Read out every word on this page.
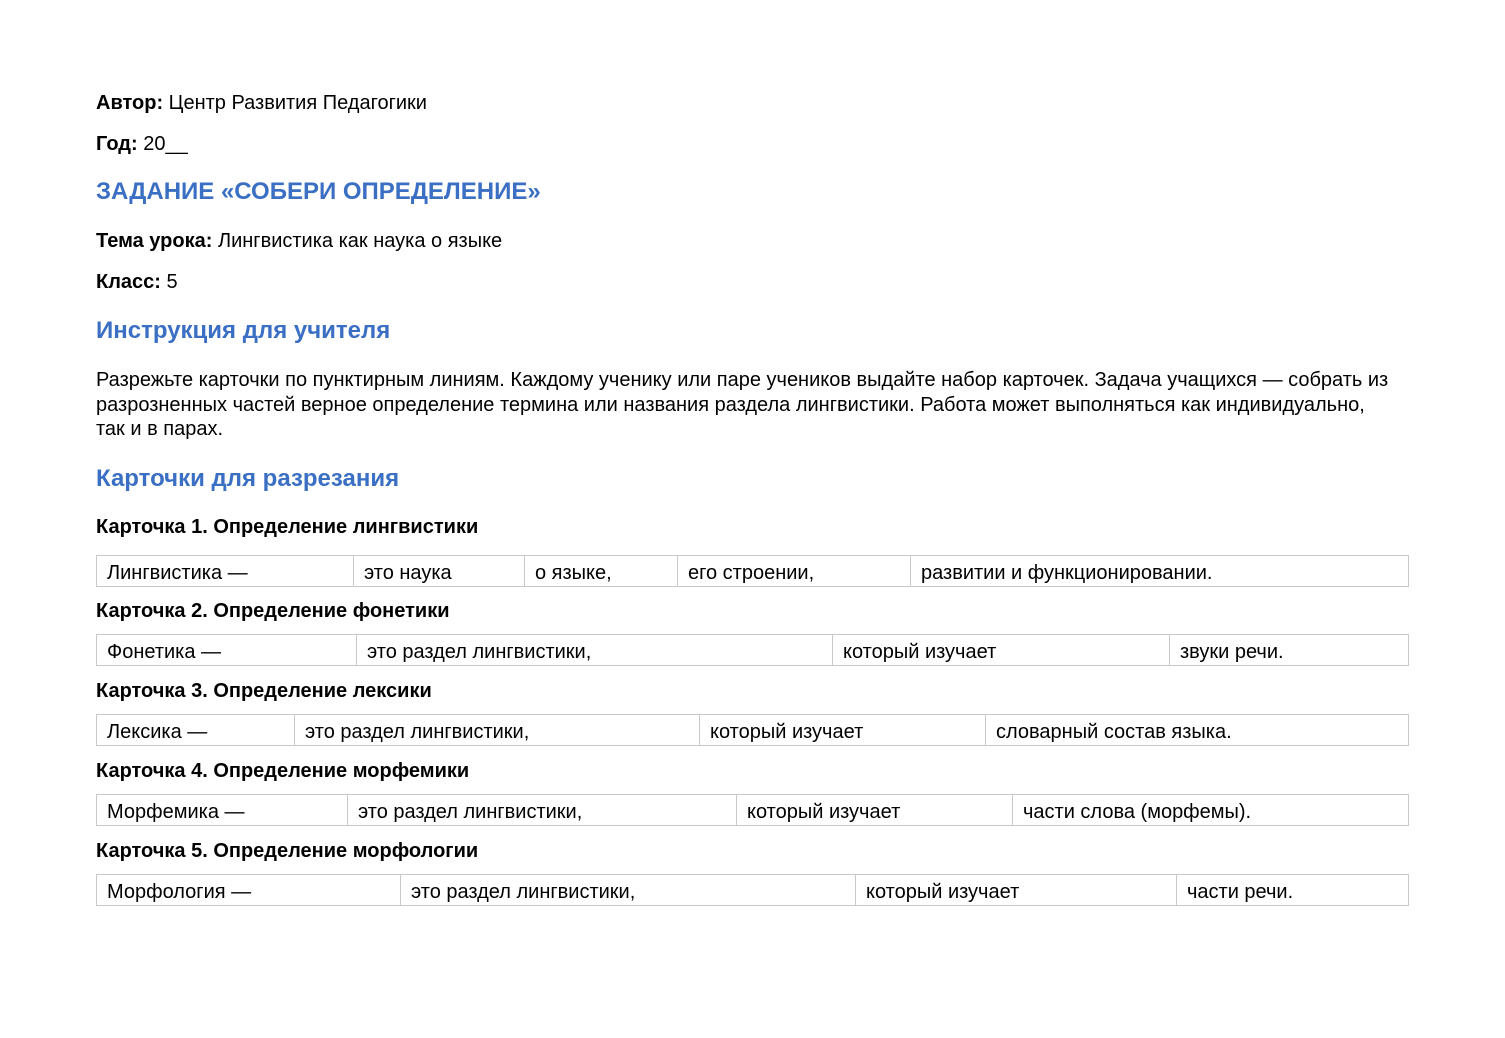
Автор: Центр Развития Педагогики
Год: 20__
ЗАДАНИЕ «СОБЕРИ ОПРЕДЕЛЕНИЕ»
Тема урока: Лингвистика как наука о языке
Класс: 5
Инструкция для учителя
Разрежьте карточки по пунктирным линиям. Каждому ученику или паре учеников выдайте набор карточек. Задача учащихся — собрать из разрозненных частей верное определение термина или названия раздела лингвистики. Работа может выполняться как индивидуально, так и в парах.
Карточки для разрезания
Карточка 1. Определение лингвистики
Лингвистика —	это наука	о языке,	его строении,	развитии и функционировании.
Карточка 2. Определение фонетики
Фонетика —	это раздел лингвистики,	который изучает	звуки речи.
Карточка 3. Определение лексики
Лексика —	это раздел лингвистики,	который изучает	словарный состав языка.
Карточка 4. Определение морфемики
Морфемика —	это раздел лингвистики,	который изучает	части слова (морфемы).
Карточка 5. Определение морфологии
Морфология —	это раздел лингвистики,	который изучает	части речи.
